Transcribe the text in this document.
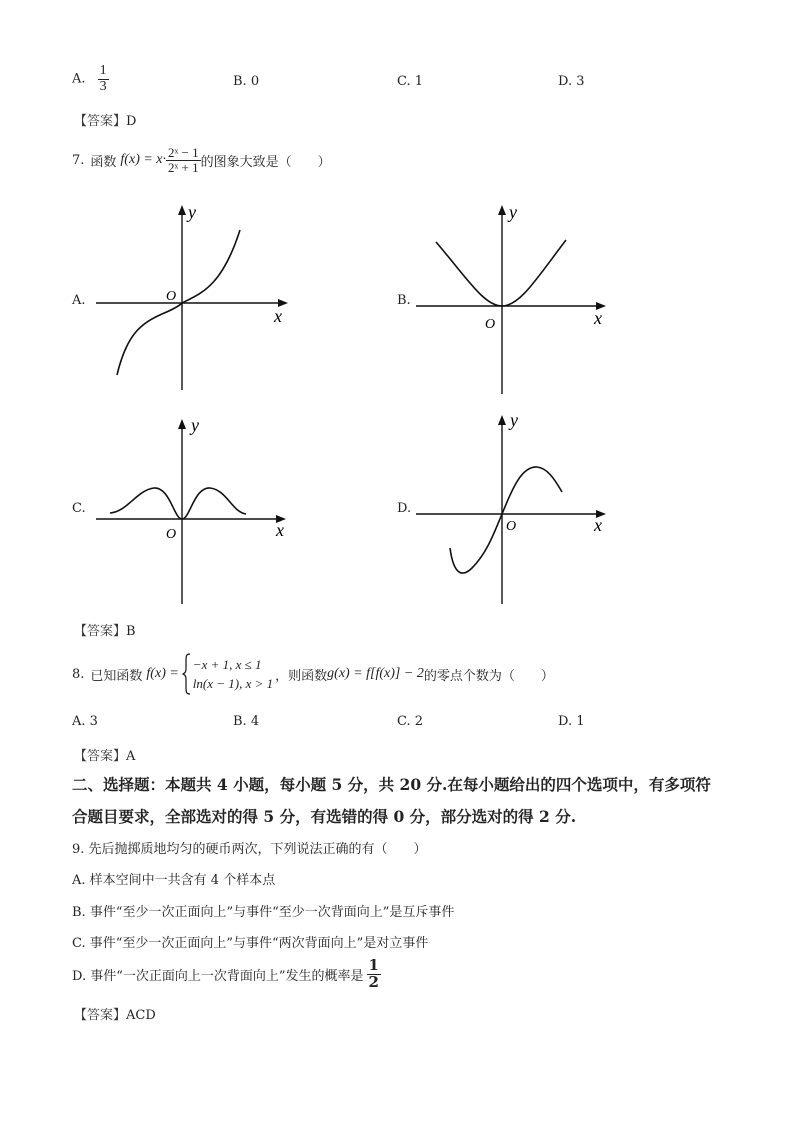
A. $\frac{1}{3}$	B. 0	C. 1	D. 3
【答案】D
7. 函数 $f(x) = x\cdot \frac{\text{2ˣ − 1}}{\text{2ˣ + 1}}$ 的图象大致是（　　）
A.	B.
C.	D.
y
x
O
y
x
O
y
x
O
y
x
O
【答案】B
8. 已知函数 f(x) =
−x + 1, x ≤ 1
ln(x − 1), x > 1 ，则函数 g(x) = f[f(x)] − 2 的零点个数为（　　）
A. 3	B. 4	C. 2	D. 1
【答案】A
二、选择题：本题共 4 小题，每小题 5 分，共 20 分.在每小题给出的四个选项中，有多项符
合题目要求，全部选对的得 5 分，有选错的得 0 分，部分选对的得 2 分.
9. 先后抛掷质地均匀的硬币两次，下列说法正确的有（　　）
A. 样本空间中一共含有 4 个样本点
B. 事件“至少一次正面向上”与事件“至少一次背面向上”是互斥事件
C. 事件“至少一次正面向上”与事件“两次背面向上”是对立事件
D. 事件“一次正面向上一次背面向上”发生的概率是 $\frac{1}{2}$
【答案】ACD
